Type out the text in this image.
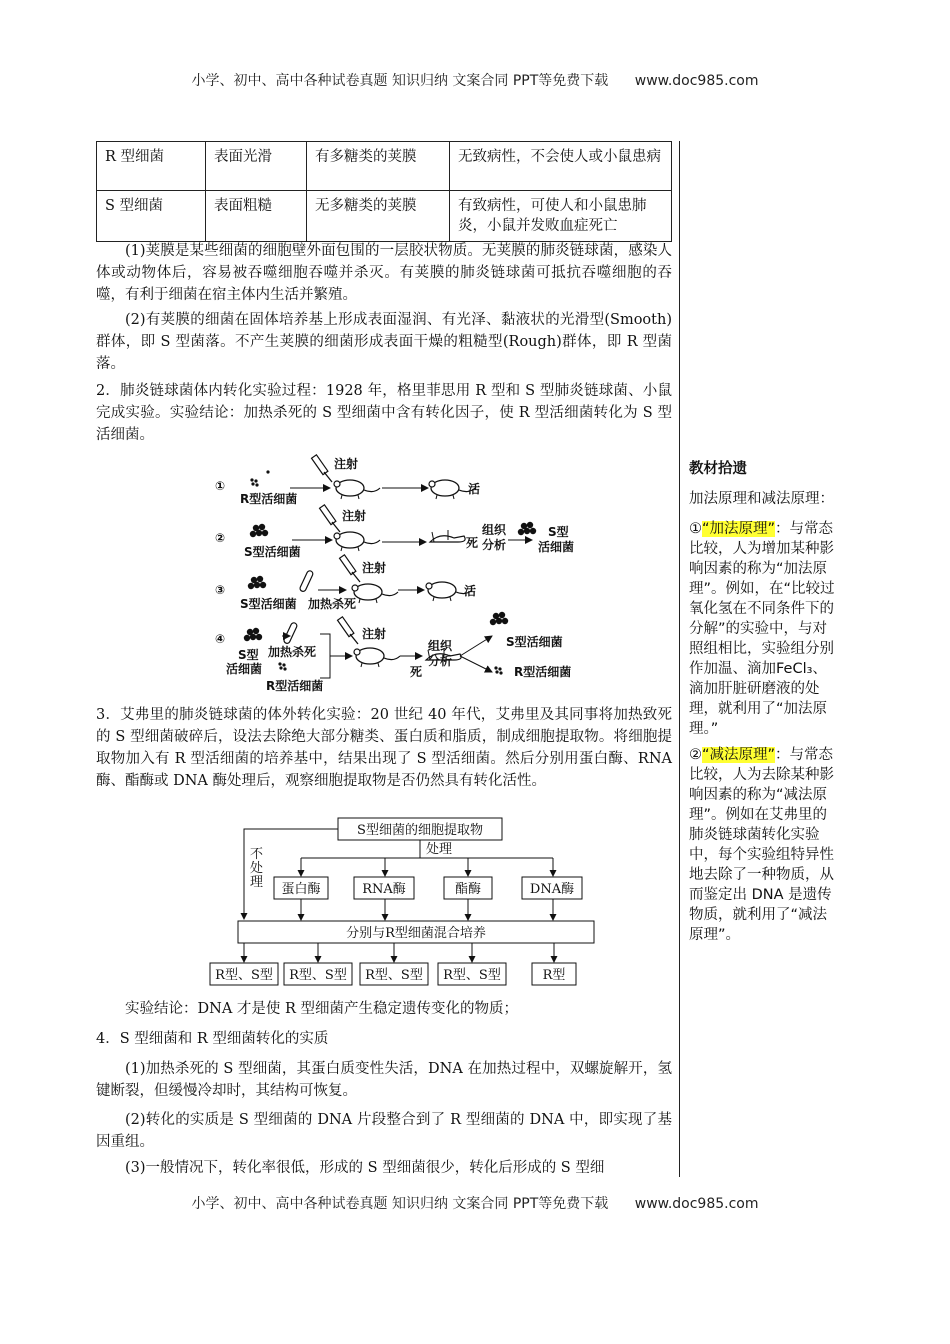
小学、初中、高中各种试卷真题 知识归纳 文案合同 PPT等免费下载 www.doc985.com
R 型细菌	表面光滑	有多糖类的荚膜	无致病性，不会使人或小鼠患病
S 型细菌	表面粗糙	无多糖类的荚膜	有致病性，可使人和小鼠患肺炎，小鼠并发败血症死亡
(1)荚膜是某些细菌的细胞壁外面包围的一层胶状物质。无荚膜的肺炎链球菌，感染人体或动物体后，容易被吞噬细胞吞噬并杀灭。有荚膜的肺炎链球菌可抵抗吞噬细胞的吞噬，有利于细菌在宿主体内生活并繁殖。
(2)有荚膜的细菌在固体培养基上形成表面湿润、有光泽、黏液状的光滑型(Smooth)群体，即 S 型菌落。不产生荚膜的细菌形成表面干燥的粗糙型(Rough)群体，即 R 型菌落。
2．肺炎链球菌体内转化实验过程：1928 年，格里菲思用 R 型和 S 型肺炎链球菌、小鼠完成实验。实验结论：加热杀死的 S 型细菌中含有转化因子，使 R 型活细菌转化为 S 型活细菌。
①
R型活细菌
注射
活
②
S型活细菌
注射
死
组织
分析
S型
活细菌
③
S型活细菌 加热杀死
注射
活
④
S型
活细菌
加热杀死
R型活细菌
注射
死
组织
分析
S型活细菌
R型活细菌
3．艾弗里的肺炎链球菌的体外转化实验：20 世纪 40 年代，艾弗里及其同事将加热致死的 S 型细菌破碎后，设法去除绝大部分糖类、蛋白质和脂质，制成细胞提取物。将细胞提取物加入有 R 型活细菌的培养基中，结果出现了 S 型活细菌。然后分别用蛋白酶、RNA 酶、酯酶或 DNA 酶处理后，观察细胞提取物是否仍然具有转化活性。
S型细菌的细胞提取物
不
处
理
处理
蛋白酶	RNA酶	酯酶	DNA酶
分别与R型细菌混合培养
R型、S型 R型、S型 R型、S型 R型、S型	R型
实验结论：DNA 才是使 R 型细菌产生稳定遗传变化的物质；
4．S 型细菌和 R 型细菌转化的实质
(1)加热杀死的 S 型细菌，其蛋白质变性失活，DNA 在加热过程中，双螺旋解开，氢键断裂，但缓慢冷却时，其结构可恢复。
(2)转化的实质是 S 型细菌的 DNA 片段整合到了 R 型细菌的 DNA 中，即实现了基因重组。
(3)一般情况下，转化率很低，形成的 S 型细菌很少，转化后形成的 S 型细
教材拾遗
加法原理和减法原理：
①“加法原理”：与常态比较，人为增加某种影响因素的称为“加法原理”。例如，在“比较过氧化氢在不同条件下的分解”的实验中，与对照组相比，实验组分别作加温、滴加FeCl₃、滴加肝脏研磨液的处理，就利用了“加法原理。”
②“减法原理”：与常态比较，人为去除某种影响因素的称为“减法原理”。例如在艾弗里的肺炎链球菌转化实验中，每个实验组特异性地去除了一种物质，从而鉴定出 DNA 是遗传物质，就利用了“减法原理”。
小学、初中、高中各种试卷真题 知识归纳 文案合同 PPT等免费下载 www.doc985.com
